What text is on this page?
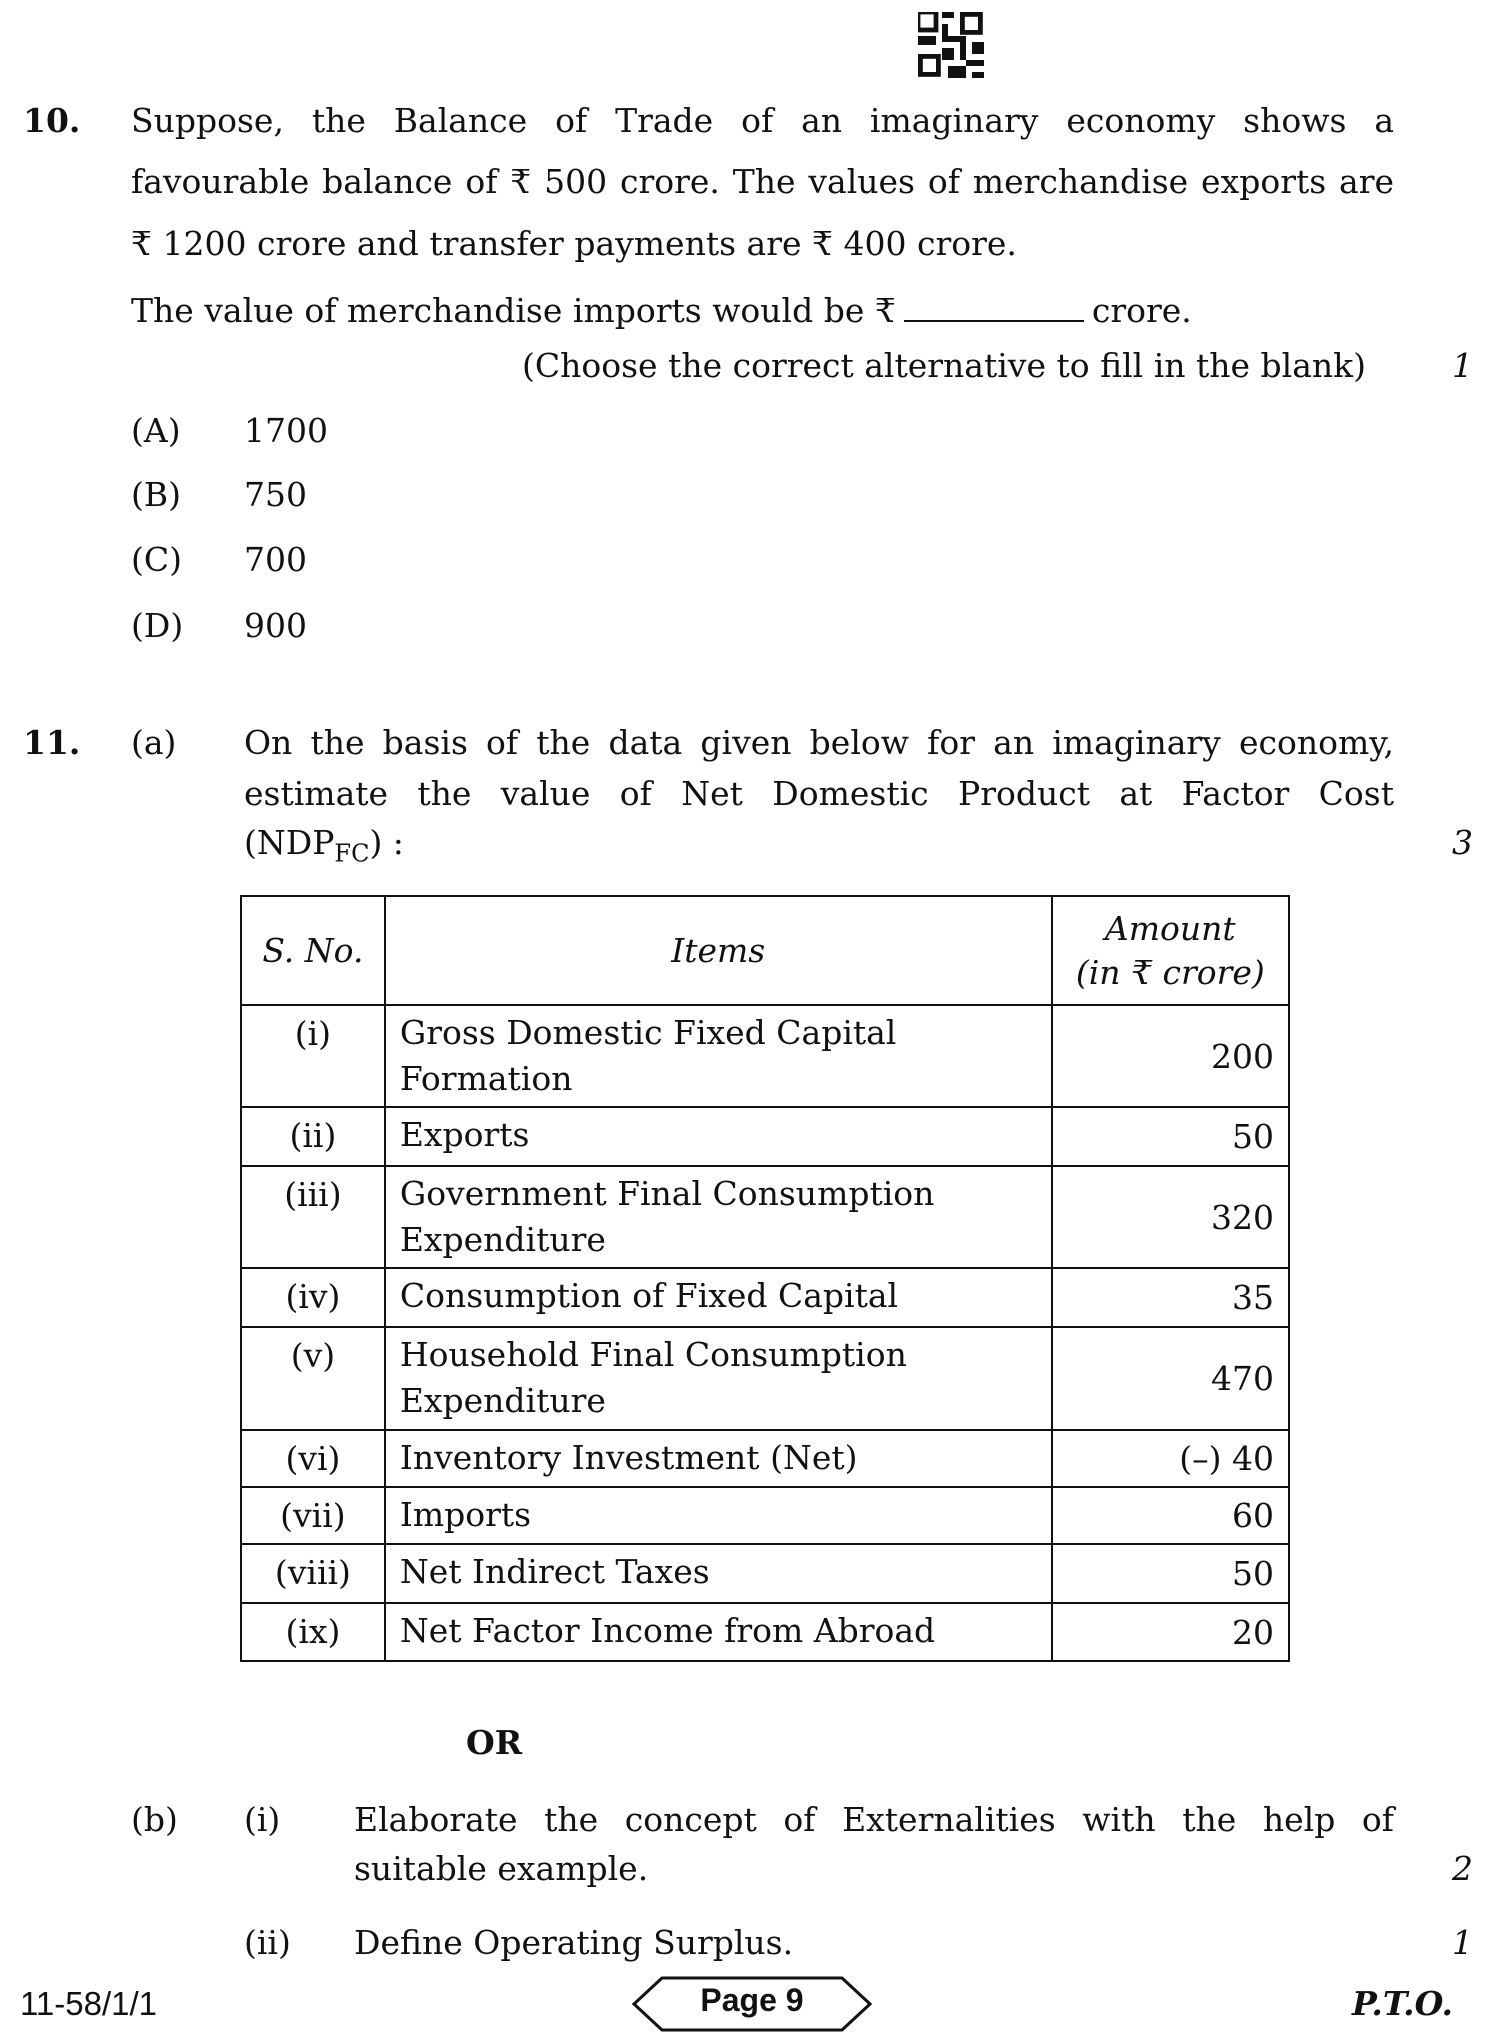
10. Suppose, the Balance of Trade of an imaginary economy shows a
favourable balance of ₹ 500 crore. The values of merchandise exports are
₹ 1200 crore and transfer payments are ₹ 400 crore.
The value of merchandise imports would be ₹	crore.
(Choose the correct alternative to fill in the blank)	1
(A) 1700
(B) 750
(C) 700
(D) 900
11. (a) On the basis of the data given below for an imaginary economy,
estimate the value of Net Domestic Product at Factor Cost
$(NDP_{FC})$ :	3
S. No.	Items	Amount
(in ₹ crore)

(i)	Gross Domestic Fixed Capital Formation	200
(ii)	Exports	50
(iii)	Government Final Consumption Expenditure	320
(iv)	Consumption of Fixed Capital	35
(v)	Household Final Consumption Expenditure	470
(vi)	Inventory Investment (Net)	(–) 40
(vii)	Imports	60
(viii)	Net Indirect Taxes	50
(ix)	Net Factor Income from Abroad	20
OR
(b) (i) Elaborate the concept of Externalities with the help of
suitable example.	2
(ii) Define Operating Surplus.	1
11-58/1/1	Page 9	P.T.O.
